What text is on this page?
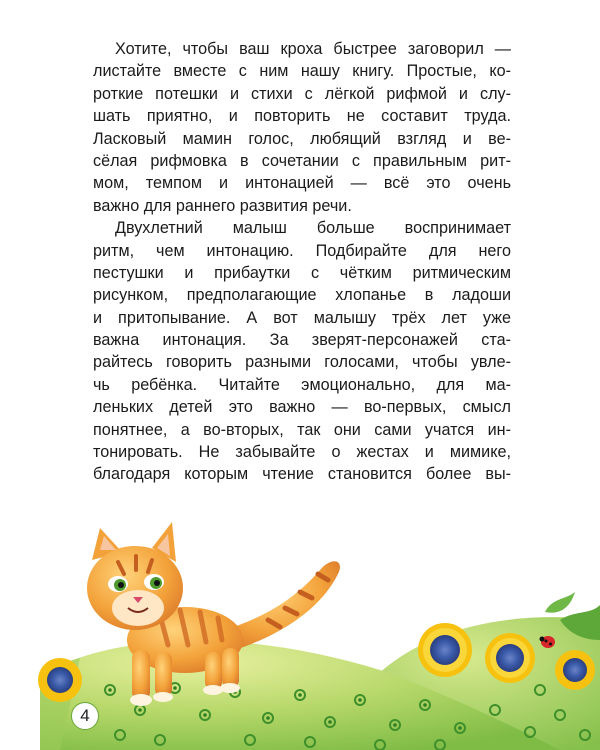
Хотите, чтобы ваш кроха быстрее заговорил —
листайте вместе с ним нашу книгу. Простые, ко-
роткие потешки и стихи с лёгкой рифмой и слу-
шать приятно, и повторить не составит труда.
Ласковый мамин голос, любящий взгляд и ве-
сёлая рифмовка в сочетании с правильным рит-
мом, темпом и интонацией — всё это очень
важно для раннего развития речи.
Двухлетний малыш больше воспринимает
ритм, чем интонацию. Подбирайте для него
пестушки и прибаутки с чётким ритмическим
рисунком, предполагающие хлопанье в ладоши
и притопывание. А вот малышу трёх лет уже
важна интонация. За зверят-персонажей ста-
райтесь говорить разными голосами, чтобы увле-
чь ребёнка. Читайте эмоционально, для ма-
леньких детей это важно — во-первых, смысл
понятнее, а во-вторых, так они сами учатся ин-
тонировать. Не забывайте о жестах и мимике,
благодаря которым чтение становится более вы-
4
